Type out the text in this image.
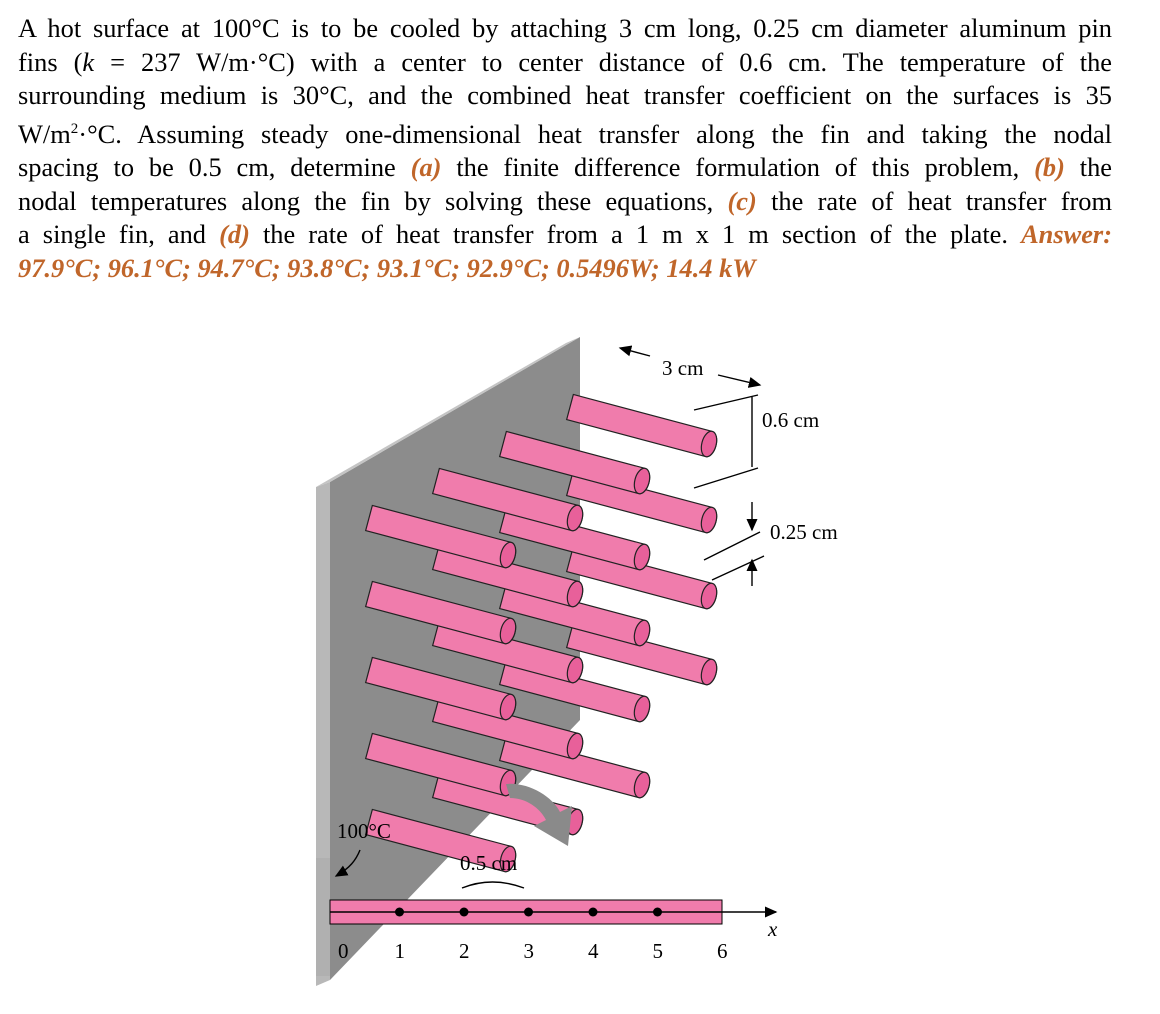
A hot surface at 100°C is to be cooled by attaching 3 cm long, 0.25 cm diameter aluminum pin
fins (k = 237 W/m·°C) with a center to center distance of 0.6 cm. The temperature of the
surrounding medium is 30°C, and the combined heat transfer coefficient on the surfaces is 35
$W/m^2\cdot^\circ C$. Assuming steady one-dimensional heat transfer along the fin and taking the nodal
spacing to be 0.5 cm, determine (a) the finite difference formulation of this problem, (b) the
nodal temperatures along the fin by solving these equations, (c) the rate of heat transfer from
a single fin, and (d) the rate of heat transfer from a 1 m x 1 m section of the plate. Answer:
97.9°C; 96.1°C; 94.7°C; 93.8°C; 93.1°C; 92.9°C; 0.5496W; 14.4 kW
3 cm
0.6 cm
0.25 cm
100°C
0.5 cm
x
0 1	2	3	4	5	6
